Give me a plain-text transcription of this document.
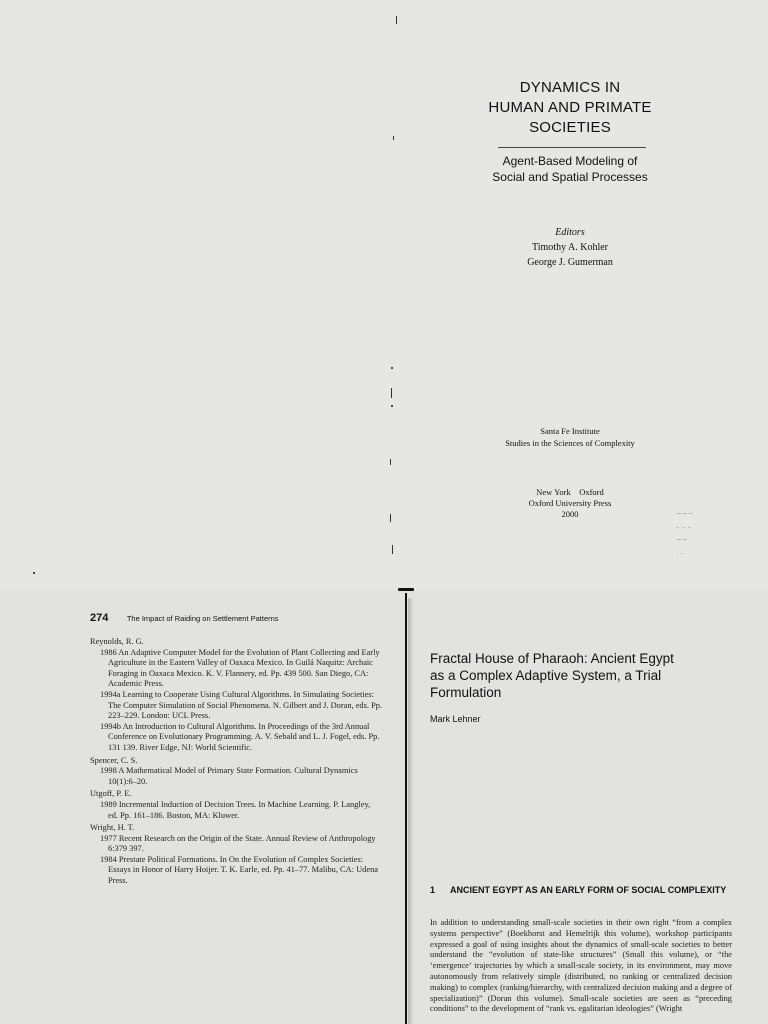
DYNAMICS IN
HUMAN AND PRIMATE
SOCIETIES
Agent-Based Modeling of
Social and Spatial Processes
Editors
Timothy A. Kohler
George J. Gumerman
Santa Fe Institute
Studies in the Sciences of Complexity
New York    Oxford
Oxford University Press
2000	~~~
– – –
~~
. –
274 The Impact of Raiding on Settlement Patterns

Reynolds, R. G.

1986 An Adaptive Computer Model for the Evolution of Plant Collecting and Early Agriculture in the Eastern Valley of Oaxaca Mexico. In Guilá Naquitz: Archaic Foraging in Oaxaca Mexico. K. V. Flannery, ed. Pp. 439 500. San Diego, CA: Academic Press.

1994a Learning to Cooperate Using Cultural Algorithms. In Simulating Societies: The Computer Simulation of Social Phenomena. N. Gilbert and J. Doran, eds. Pp. 223–229. London: UCL Press.

1994b An Introduction to Cultural Algorithms. In Proceedings of the 3rd Annual Conference on Evolutionary Programming. A. V. Sebald and L. J. Fogel, eds. Pp. 131 139. River Edge, NJ: World Scientific.

Spencer, C. S.

1998 A Mathematical Model of Primary State Formation. Cultural Dynamics 10(1):6–20.

Utgoff, P. E.

1989 Incremental Induction of Decision Trees. In Machine Learning. P. Langley, ed. Pp. 161–186. Boston, MA: Kluwer.

Wright, H. T.

1977 Recent Research on the Origin of the State. Annual Review of Anthropology 6:379 397.

1984 Prestate Political Formations. In On the Evolution of Complex Societies: Essays in Honor of Harry Hoijer. T. K. Earle, ed. Pp. 41–77. Malibu, CA: Udena Press.

Fractal House of Pharaoh: Ancient Egypt
as a Complex Adaptive System, a Trial
Formulation
Mark Lehner
1	ANCIENT EGYPT AS AN EARLY FORM OF SOCIAL COMPLEXITY
In addition to understanding small-scale societies in their own right “from a complex systems perspective” (Boekhorst and Hemelrijk this volume), workshop participants expressed a goal of using insights about the dynamics of small-scale societies to better understand the “evolution of state-like structures” (Small this volume), or “the ‘emergence’ trajectories by which a small-scale society, in its environment, may move autonomously from relatively simple (distributed, no ranking or centralized decision making) to complex (ranking/hierarchy, with centralized decision making and a degree of specialization)” (Doran this volume). Small-scale societies are seen as “preceding conditions” to the development of “rank vs. egalitarian ideologies” (Wright
